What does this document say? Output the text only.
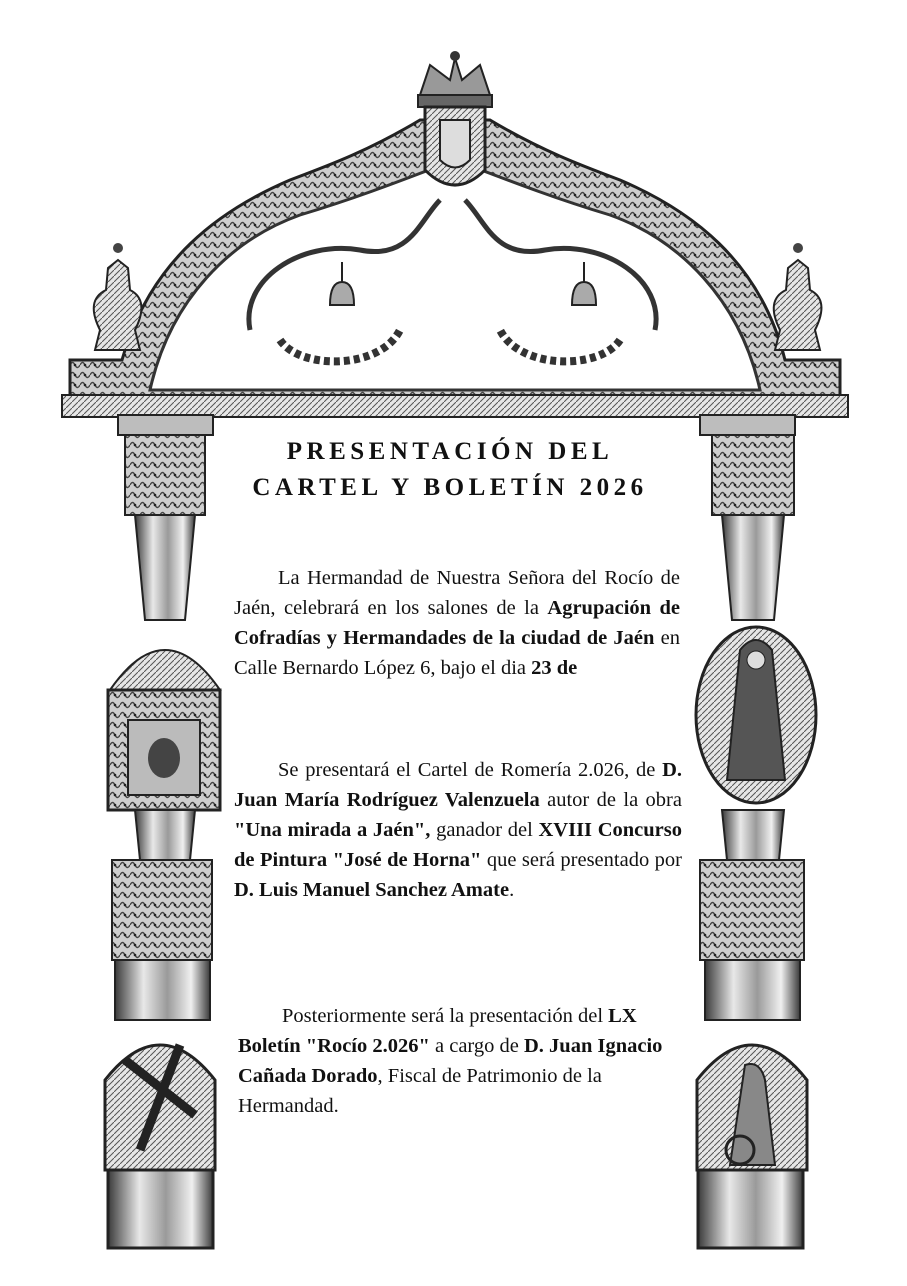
PRESENTACIÓN DEL
CARTEL Y BOLETÍN 2026

La Hermandad de Nuestra Señora del Rocío de Jaén, celebrará en los salones de la Agrupación de Cofradías y Hermandades de la ciudad de Jaén en Calle Bernardo López 6, bajo el dia 23 de

Se presentará el Cartel de Romería 2.026, de D. Juan María Rodríguez Valenzuela autor de la obra "Una mirada a Jaén", ganador del XVIII Concurso de Pintura "José de Horna" que será presentado por D. Luis Manuel Sanchez Amate.

Posteriormente será la presentación del LX Boletín "Rocío 2.026" a cargo de D. Juan Ignacio Cañada Dorado, Fiscal de Patrimonio de la Hermandad.
